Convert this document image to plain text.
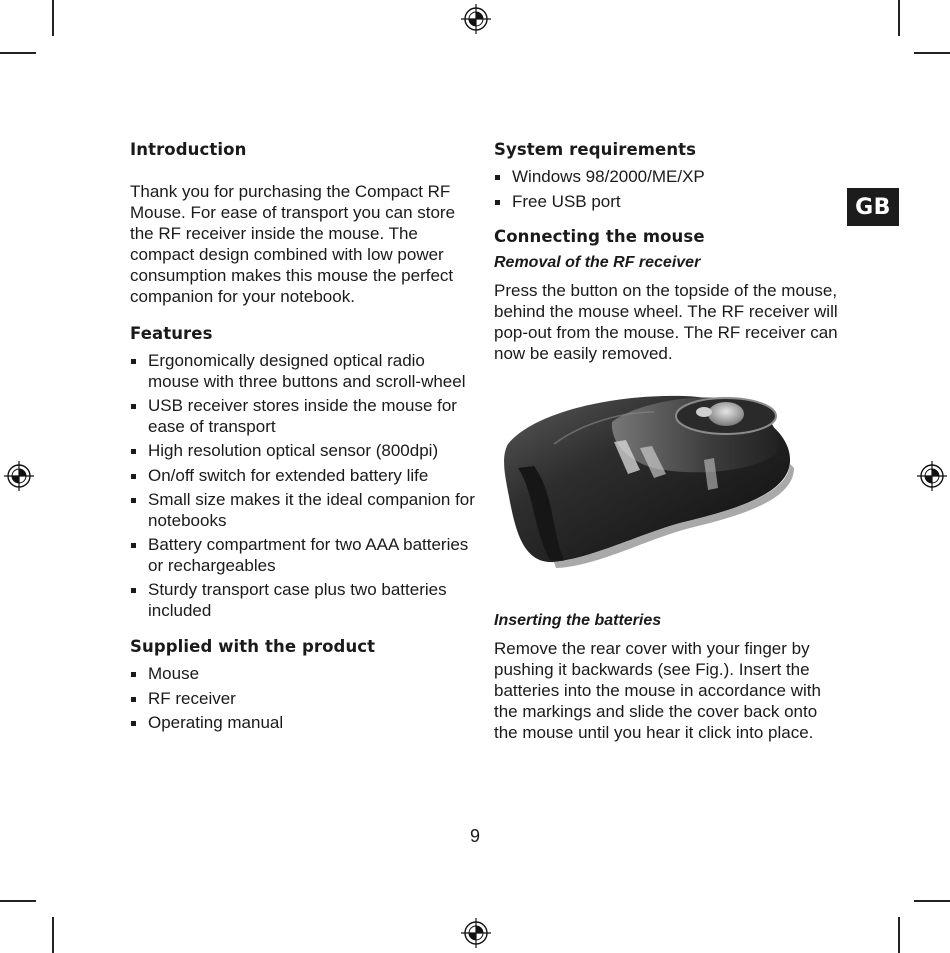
Introduction

Thank you for purchasing the Compact RF Mouse. For ease of transport you can store the RF receiver inside the mouse. The compact design combined with low power consumption makes this mouse the perfect companion for your notebook.

Features
Ergonomically designed optical radio mouse with three buttons and scroll-wheel
USB receiver stores inside the mouse for ease of transport
High resolution optical sensor (800dpi)
On/off switch for extended battery life
Small size makes it the ideal companion for notebooks
Battery compartment for two AAA batteries or rechargeables
Sturdy transport case plus two batteries included
Supplied with the product
Mouse
RF receiver
Operating manual
System requirements
Windows 98/2000/ME/XP
Free USB port
Connecting the mouse
Removal of the RF receiver

Press the button on the topside of the mouse, behind the mouse wheel. The RF receiver will pop-out from the mouse. The RF receiver can now be easily removed.

Inserting the batteries

Remove the rear cover with your finger by pushing it backwards (see Fig.). Insert the batteries into the mouse in accordance with the markings and slide the cover back onto the mouse until you hear it click into place.

GB
9
